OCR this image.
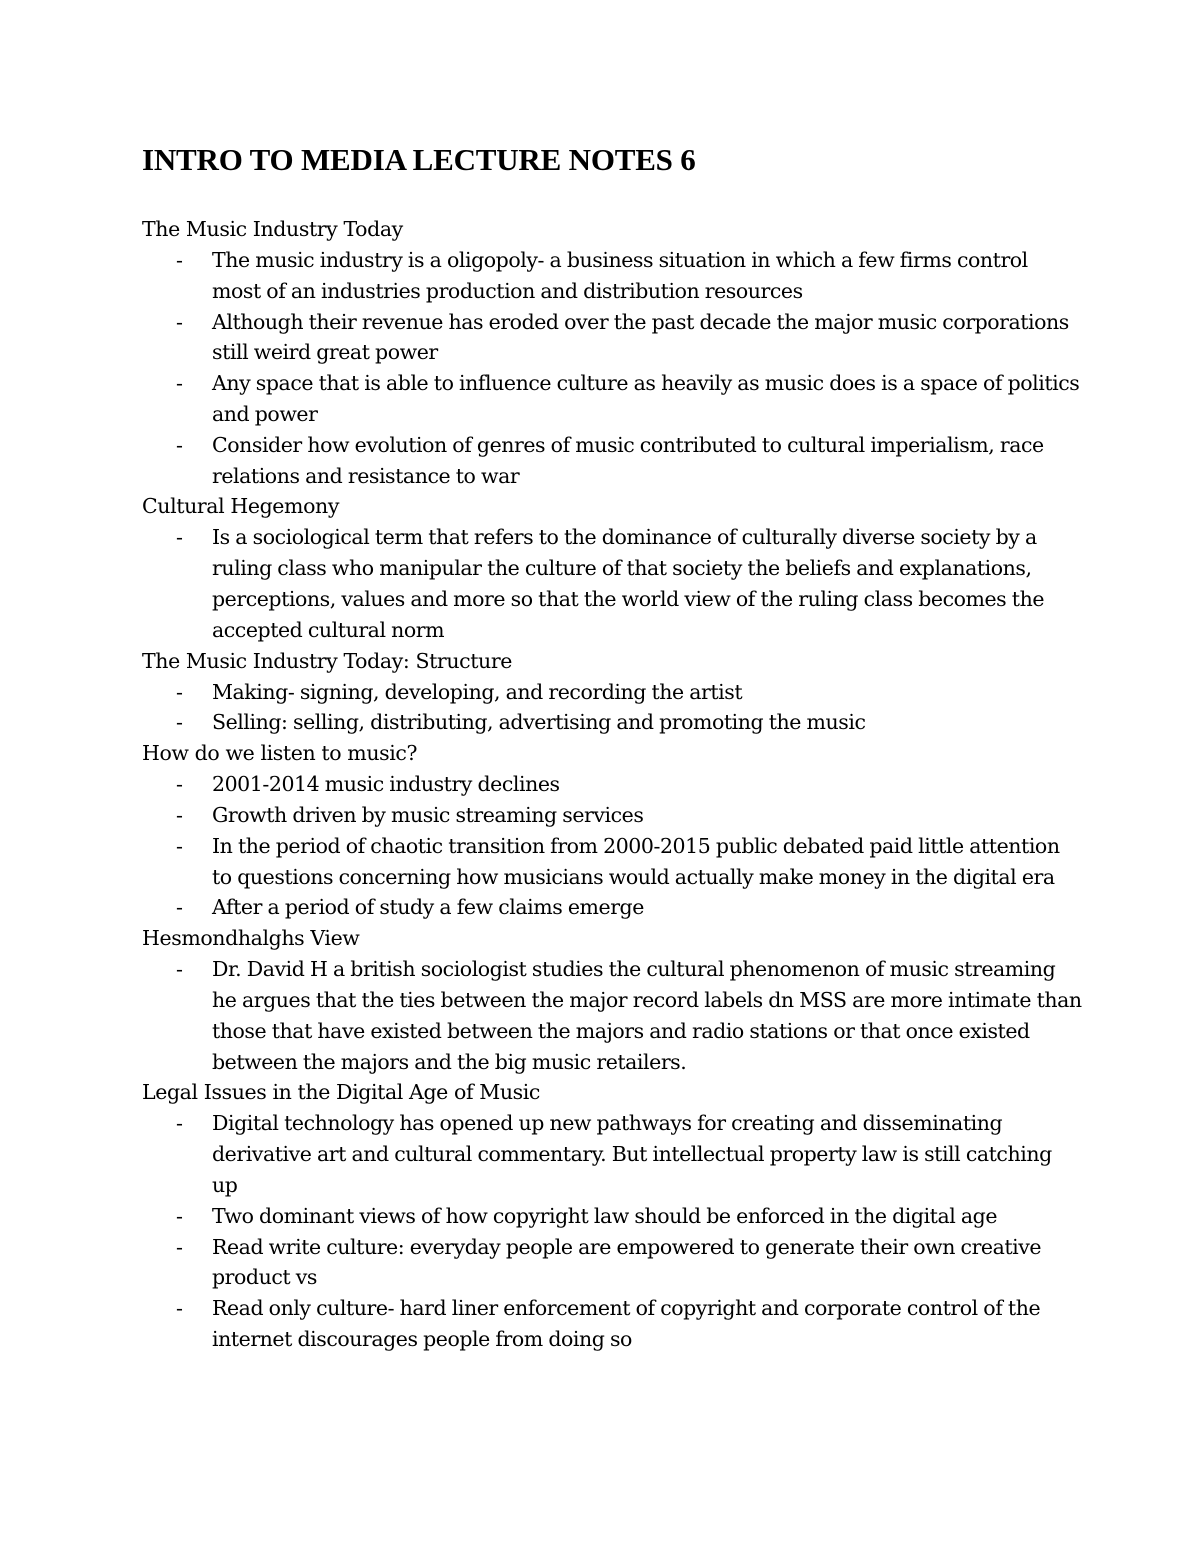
INTRO TO MEDIA LECTURE NOTES 6

The Music Industry Today

- The music industry is a oligopoly- a business situation in which a few firms control most of an industries production and distribution resources
- Although their revenue has eroded over the past decade the major music corporations still weird great power
- Any space that is able to influence culture as heavily as music does is a space of politics and power
- Consider how evolution of genres of music contributed to cultural imperialism, race relations and resistance to war

Cultural Hegemony

- Is a sociological term that refers to the dominance of culturally diverse society by a ruling class who manipular the culture of that society the beliefs and explanations, perceptions, values and more so that the world view of the ruling class becomes the accepted cultural norm

The Music Industry Today: Structure

- Making- signing, developing, and recording the artist
- Selling: selling, distributing, advertising and promoting the music

How do we listen to music?

- 2001-2014 music industry declines
- Growth driven by music streaming services
- In the period of chaotic transition from 2000-2015 public debated paid little attention to questions concerning how musicians would actually make money in the digital era
- After a period of study a few claims emerge

Hesmondhalghs View

- Dr. David H a british sociologist studies the cultural phenomenon of music streaming he argues that the ties between the major record labels dn MSS are more intimate than those that have existed between the majors and radio stations or that once existed between the majors and the big music retailers.

Legal Issues in the Digital Age of Music

- Digital technology has opened up new pathways for creating and disseminating derivative art and cultural commentary. But intellectual property law is still catching up
- Two dominant views of how copyright law should be enforced in the digital age
- Read write culture: everyday people are empowered to generate their own creative product vs
- Read only culture- hard liner enforcement of copyright and corporate control of the internet discourages people from doing so
